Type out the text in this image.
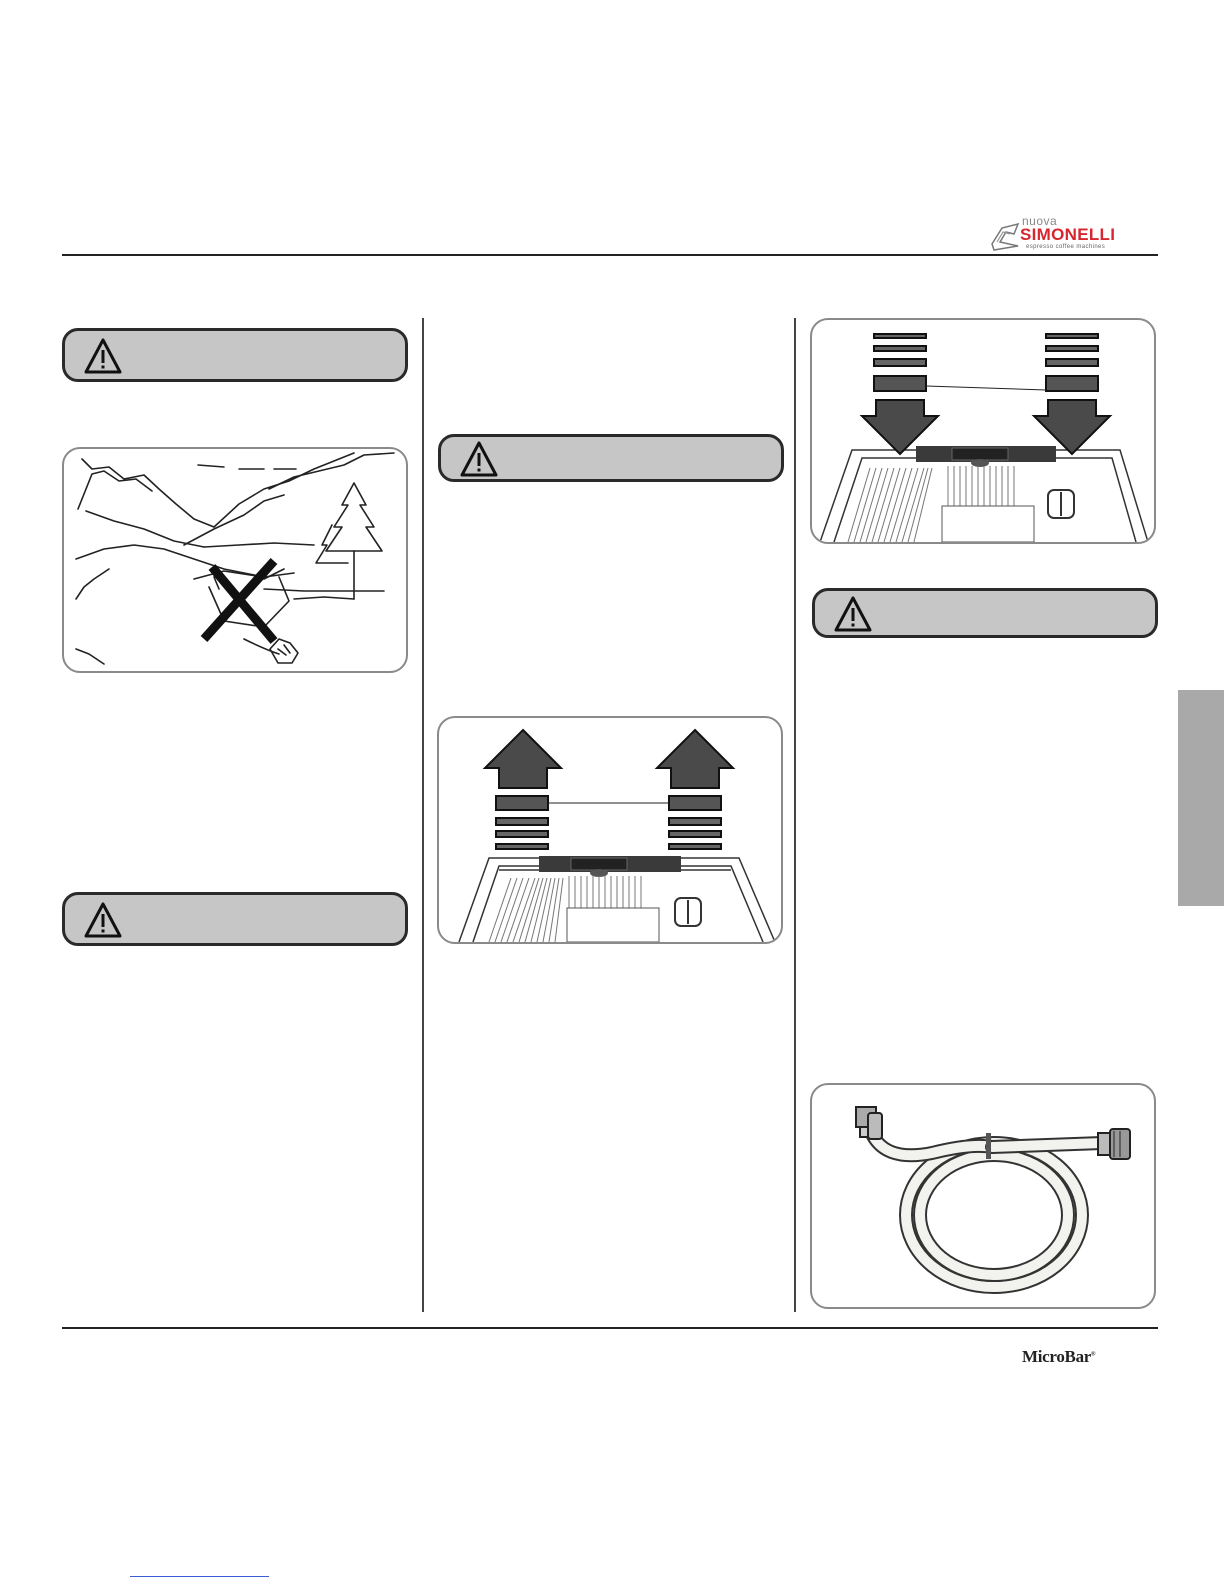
nuova
SIMONELLI
espresso coffee machines
MicroBar®
